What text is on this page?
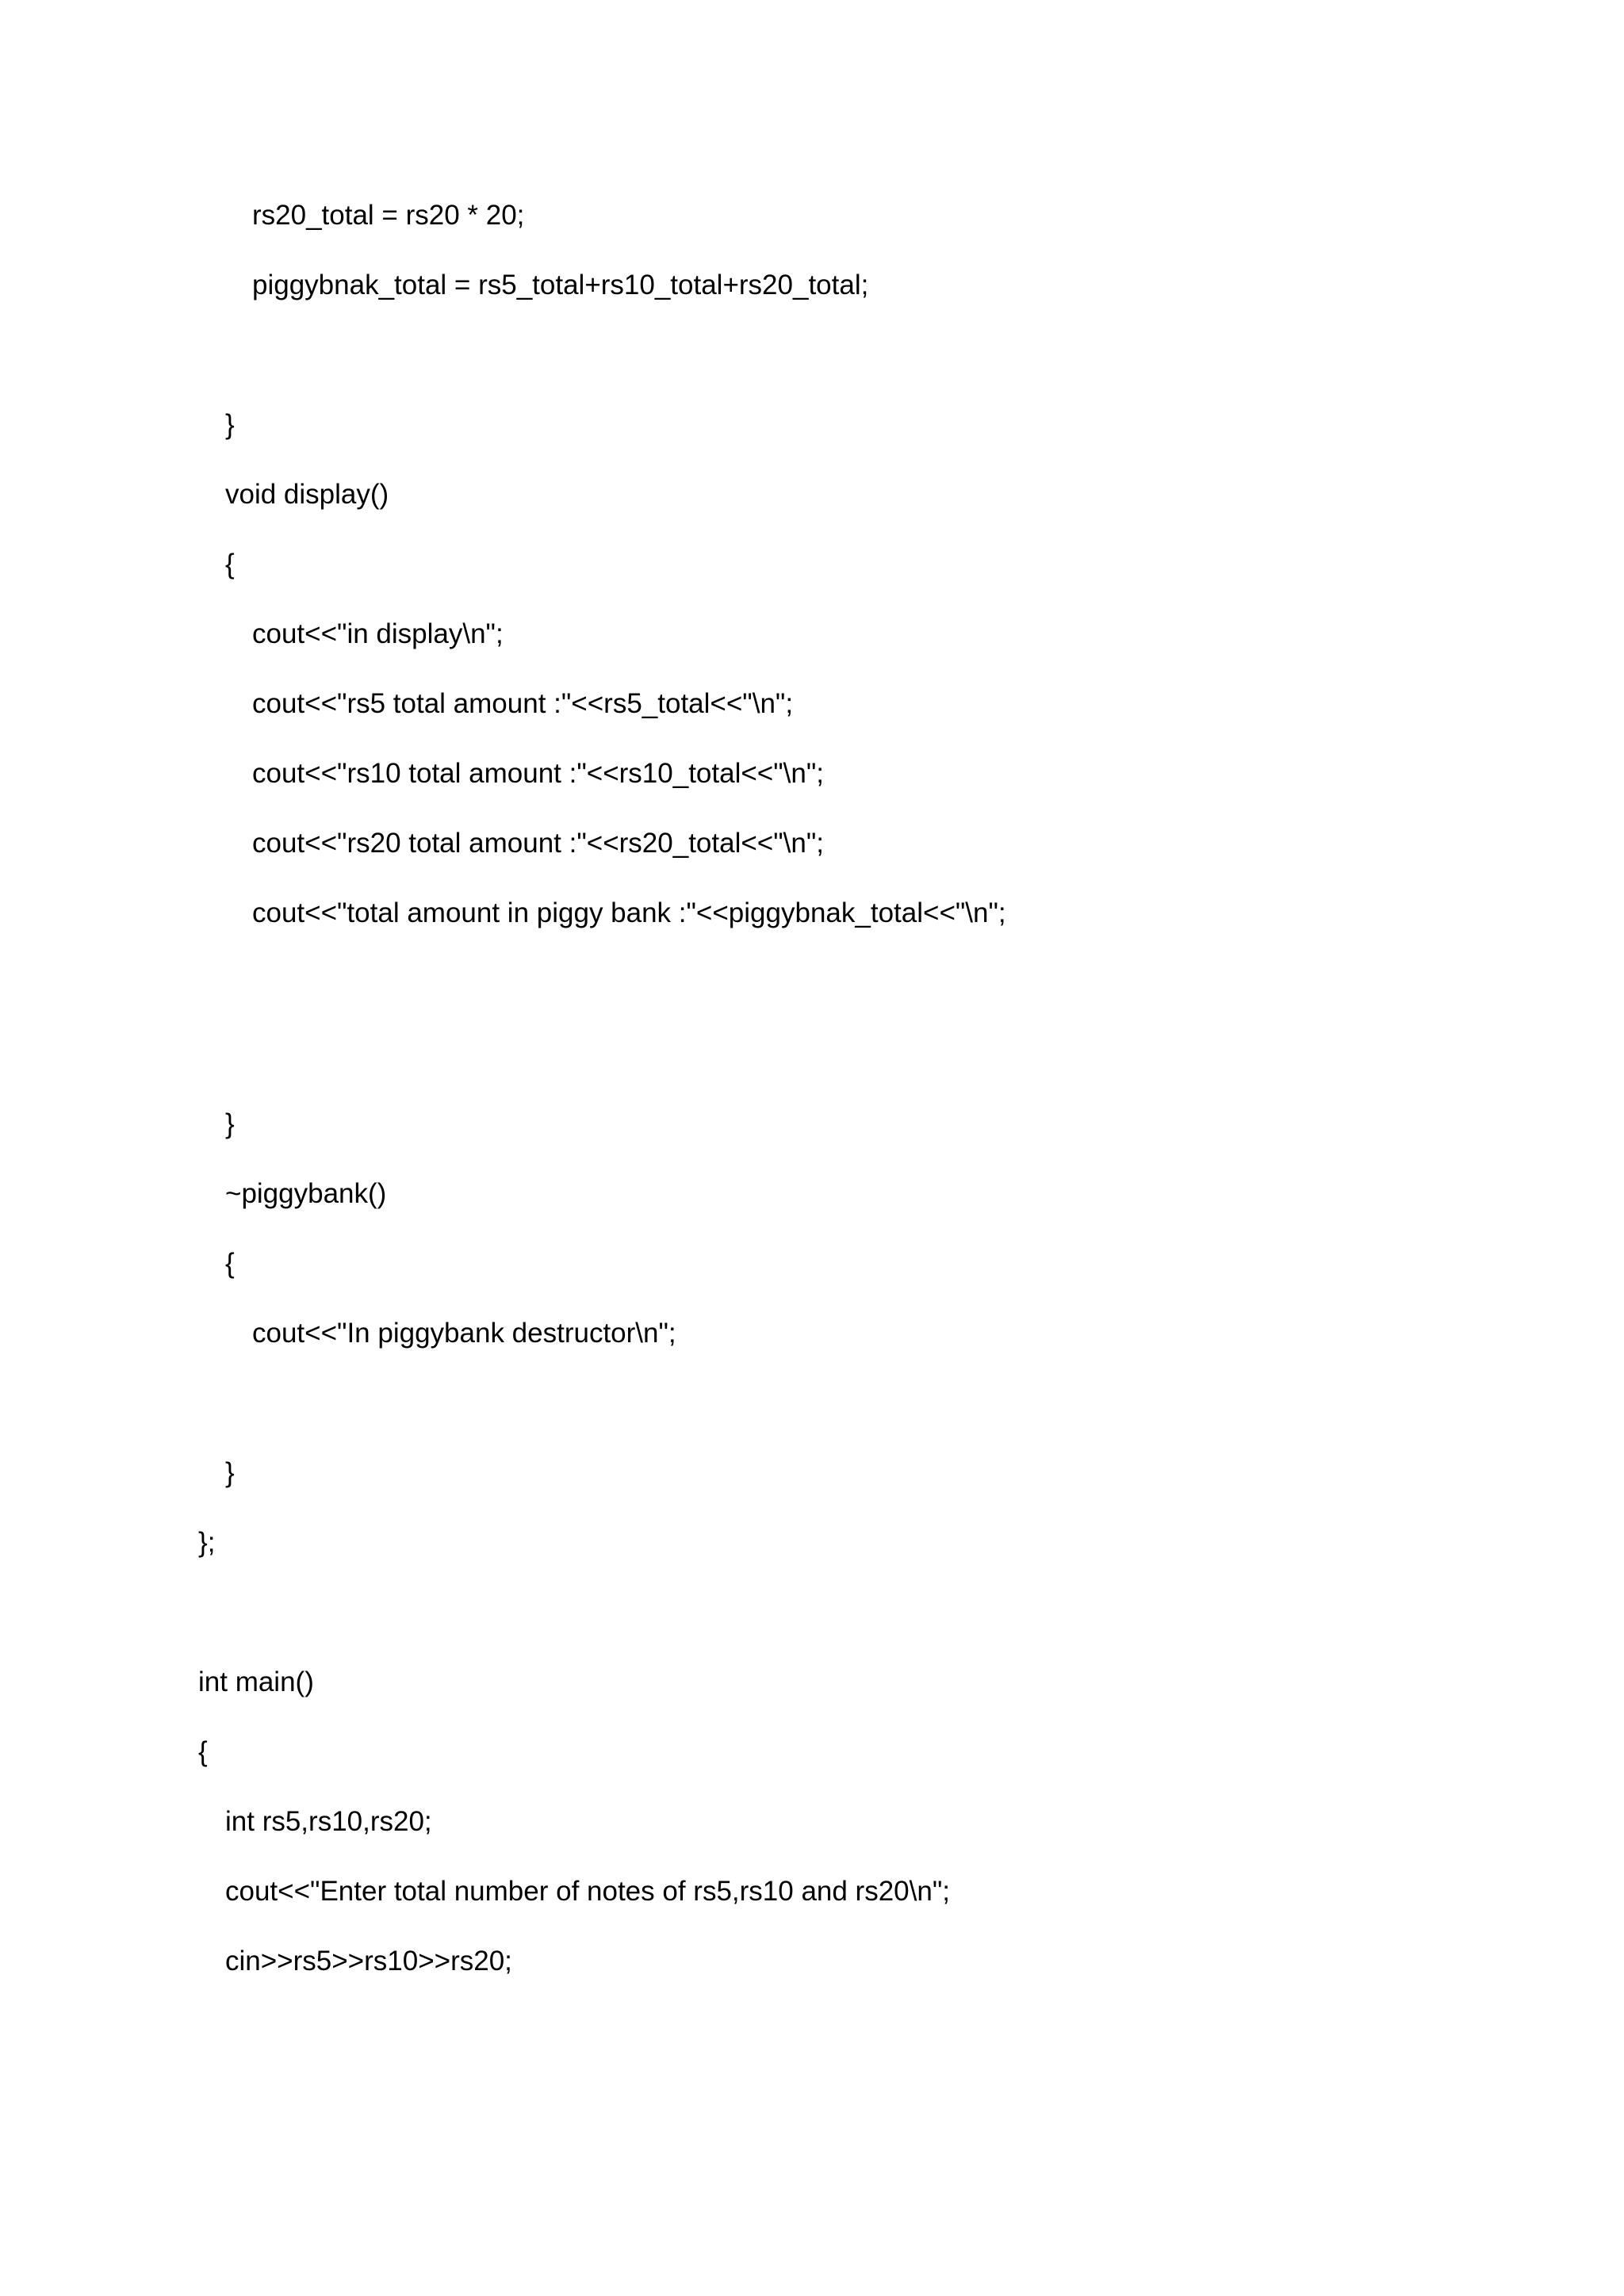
rs20_total = rs20 * 20;
piggybnak_total = rs5_total+rs10_total+rs20_total;
}
void display()
{
cout<<"in display\n";
cout<<"rs5 total amount :"<<rs5_total<<"\n";
cout<<"rs10 total amount :"<<rs10_total<<"\n";
cout<<"rs20 total amount :"<<rs20_total<<"\n";
cout<<"total amount in piggy bank :"<<piggybnak_total<<"\n";
}
~piggybank()
{
cout<<"In piggybank destructor\n";
}
};
int main()
{
int rs5,rs10,rs20;
cout<<"Enter total number of notes of rs5,rs10 and rs20\n";
cin>>rs5>>rs10>>rs20;
